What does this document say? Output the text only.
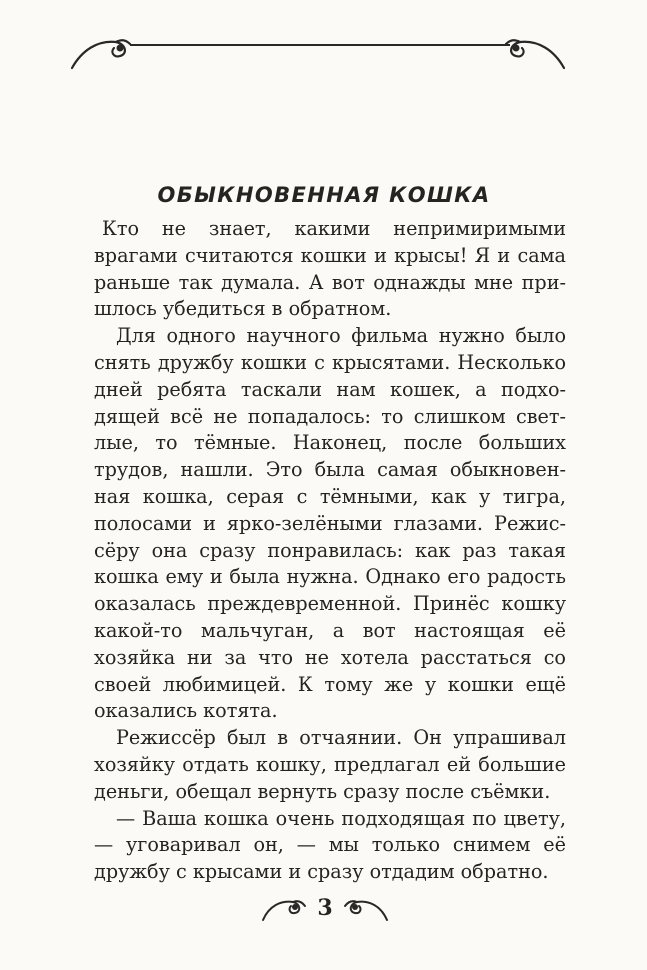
ОБЫКНОВЕННАЯ КОШКА

Кто не знает, какими непримиримыми врагами считаются кошки и крысы! Я и сама раньше так думала. А вот однажды мне пришлось убедиться в обратном.

Для одного научного фильма нужно было снять дружбу кошки с крысятами. Несколько дней ребята таскали нам кошек, а подходящей всё не попадалось: то слишком светлые, то тёмные. Наконец, после больших трудов, нашли. Это была самая обыкновенная кошка, серая с тёмными, как у тигра, полосами и ярко-зелёными глазами. Режиссёру она сразу понравилась: как раз такая кошка ему и была нужна. Однако его радость оказалась преждевременной. Принёс кошку какой-то мальчуган, а вот настоящая её хозяйка ни за что не хотела расстаться со своей любимицей. К тому же у кошки ещё оказались котята.

Режиссёр был в отчаянии. Он упрашивал хозяйку отдать кошку, предлагал ей большие деньги, обещал вернуть сразу после съёмки.

— Ваша кошка очень подходящая по цвету, — уговаривал он, — мы только снимем её дружбу с крысами и сразу отдадим обратно.

3
